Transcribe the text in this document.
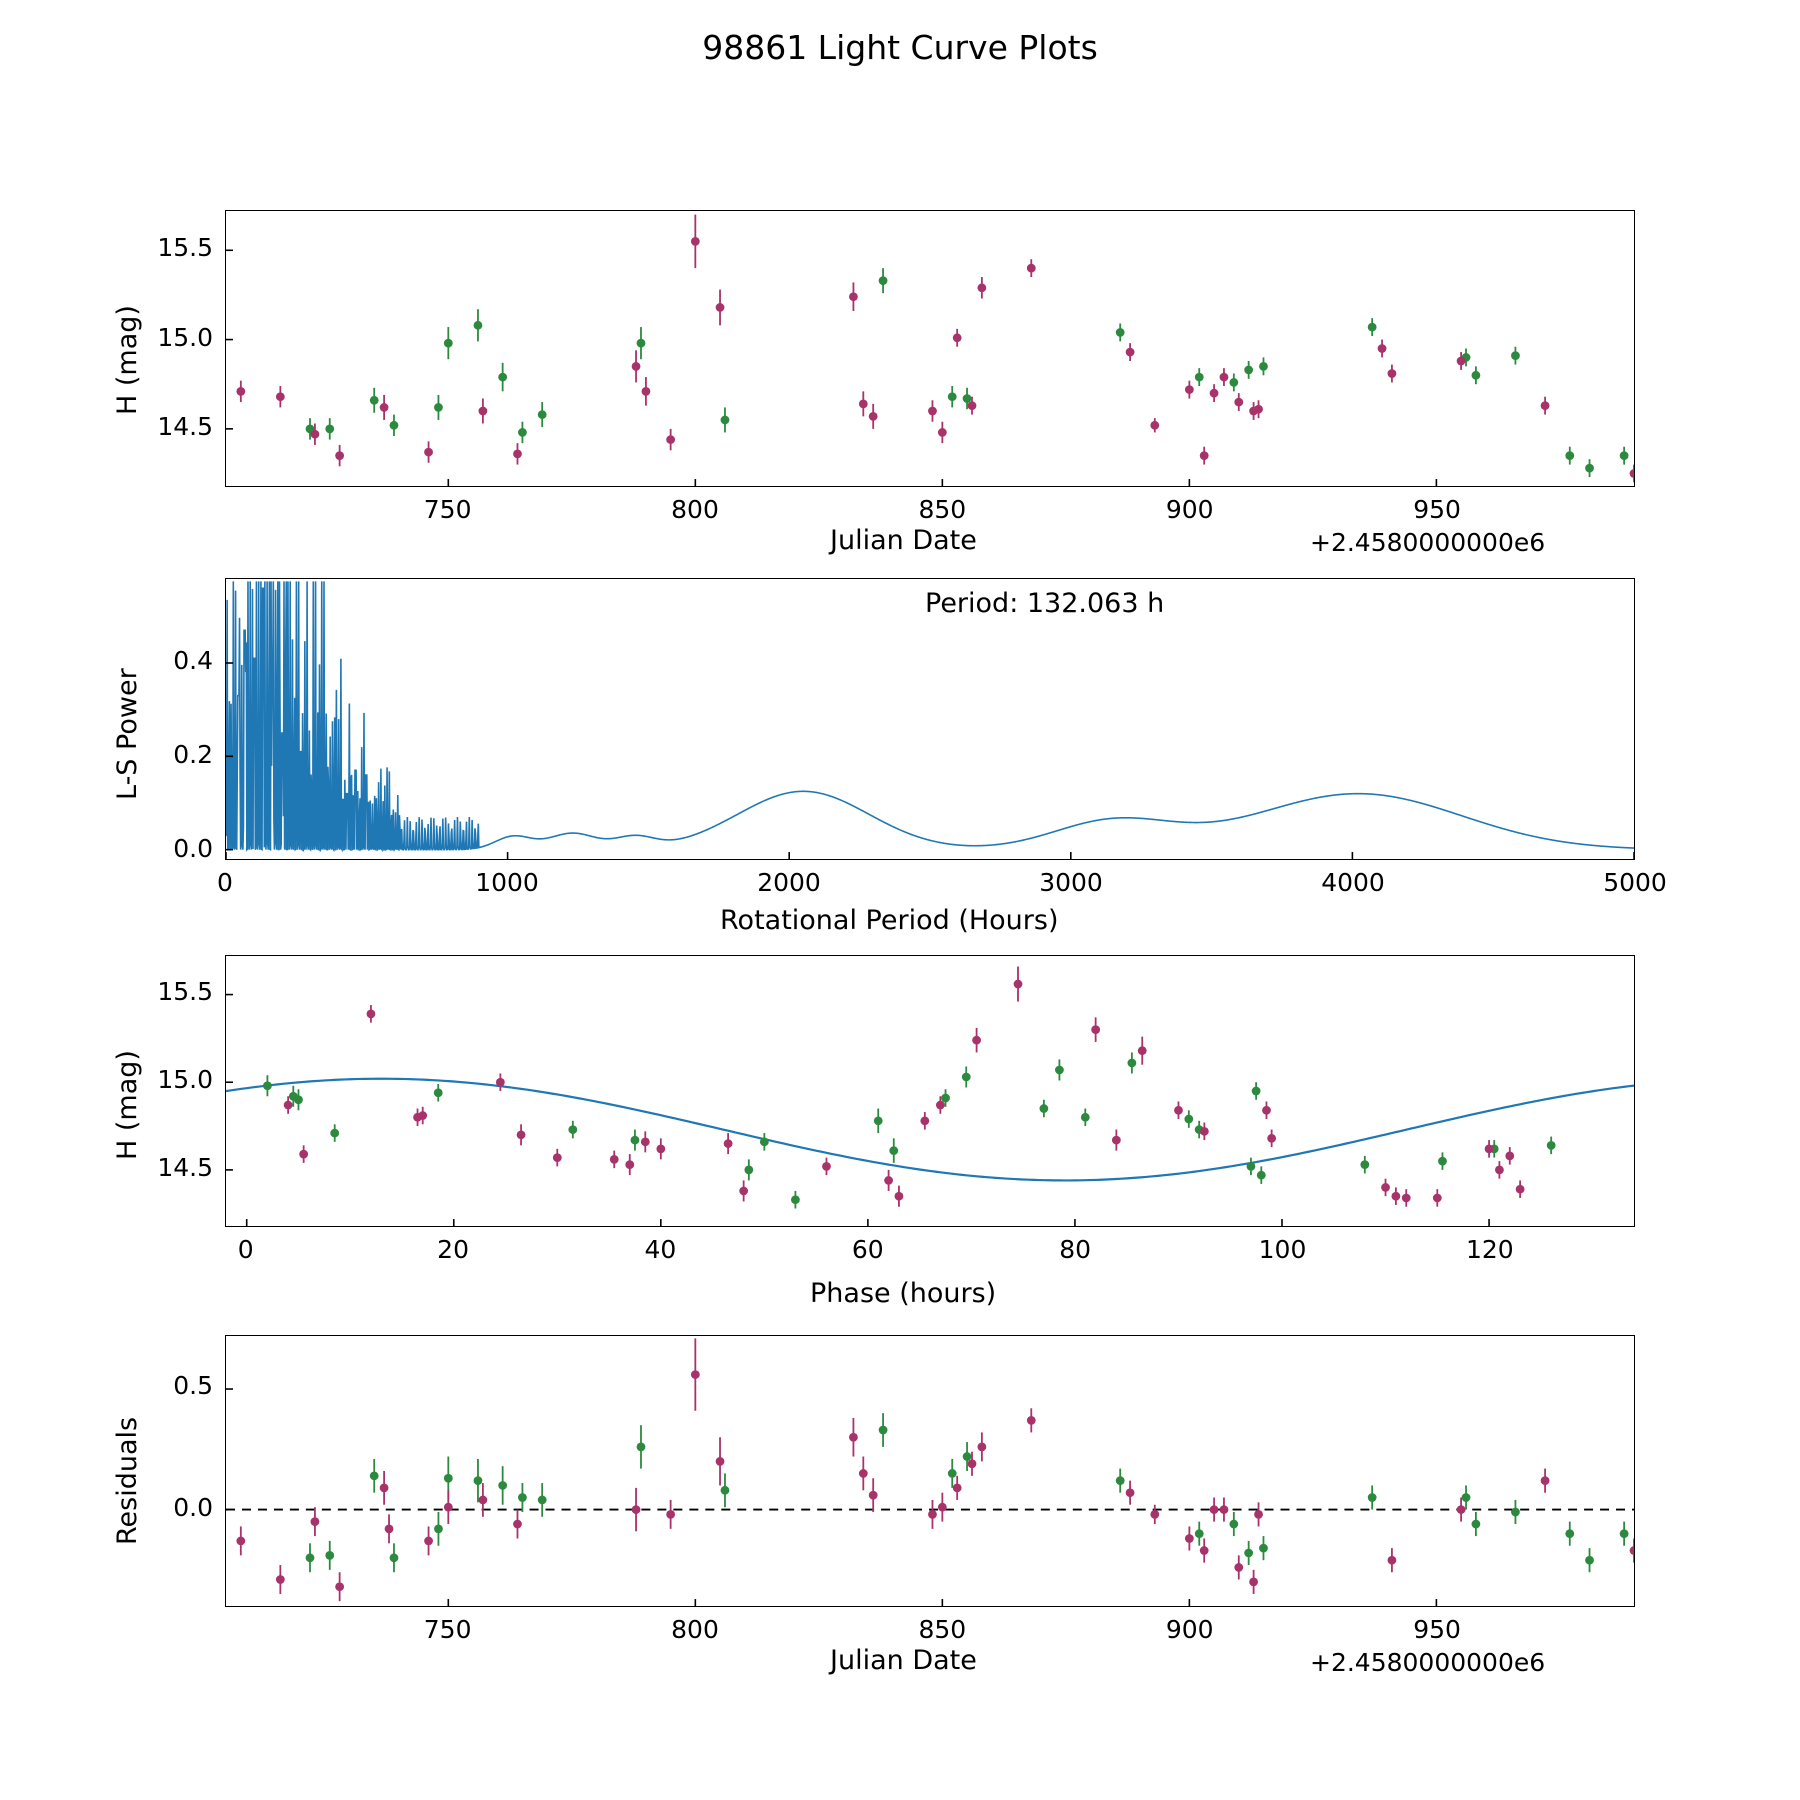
98861 Light Curve Plots
H (mag)
Julian Date	+2.4580000000e6
Period: 132.063 h
L-S Power
Rotational Period (Hours)
H (mag)
Phase (hours)
Residuals
Julian Date	+2.4580000000e6
750	800	850	900	950
14.5
15.0
15.5
0	1000	2000	3000	4000	5000
0.0
0.2
0.4
0	20	40	60	80	100	120
14.5
15.0
15.5
750	800	850	900	950
0.0
0.5
